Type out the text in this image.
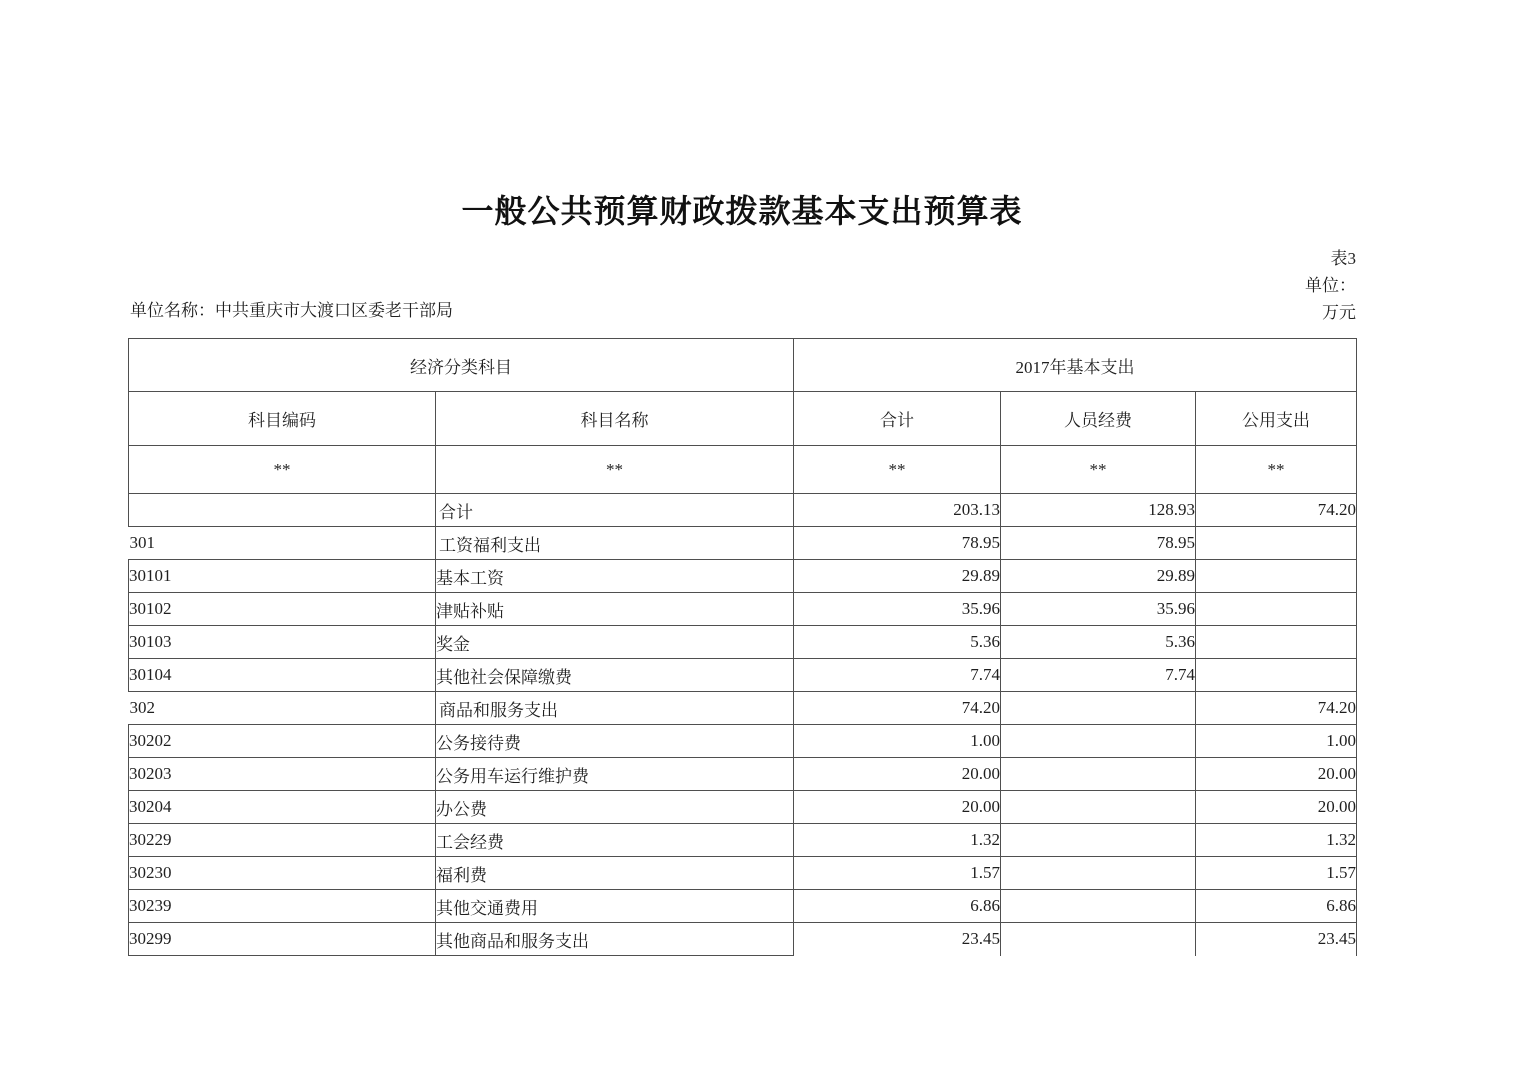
一般公共预算财政拨款基本支出预算表
表3
单位：
万元
单位名称：中共重庆市大渡口区委老干部局
经济分类科目		2017年基本支出		
科目编码	科目名称	合计	人员经费	公用支出
**	**	**	**	**
	合计	203.13	128.93	74.20
301	工资福利支出	78.95	78.95	
30101	基本工资	29.89	29.89	
30102	津贴补贴	35.96	35.96	
30103	奖金	5.36	5.36	
30104	其他社会保障缴费	7.74	7.74	
302	商品和服务支出	74.20		74.20
30202	公务接待费	1.00		1.00
30203	公务用车运行维护费	20.00		20.00
30204	办公费	20.00		20.00
30229	工会经费	1.32		1.32
30230	福利费	1.57		1.57
30239	其他交通费用	6.86		6.86
30299	其他商品和服务支出	23.45		23.45
